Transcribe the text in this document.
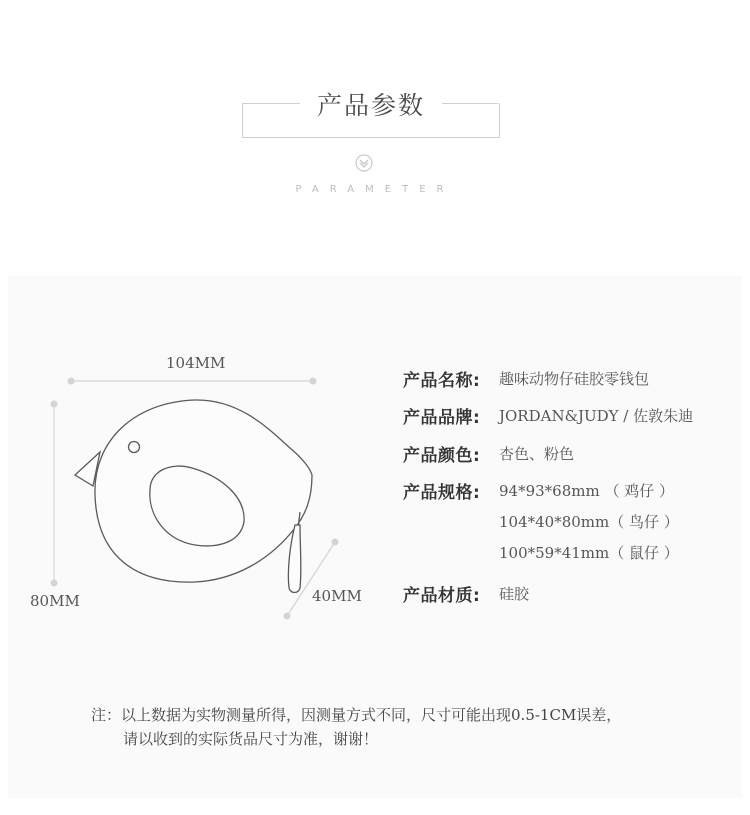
产品参数
PARAMETER
104MM
80MM	40MM
产品名称: 趣味动物仔硅胶零钱包
产品品牌: JORDAN&JUDY / 佐敦朱迪
产品颜色: 杏色、粉色
产品规格: 94*93*68mm （ 鸡仔 ）
104*40*80mm（ 鸟仔 ）
100*59*41mm（ 鼠仔 ）
产品材质: 硅胶
注：以上数据为实物测量所得，因测量方式不同，尺寸可能出现0.5-1CM误差，
请以收到的实际货品尺寸为准，谢谢！
